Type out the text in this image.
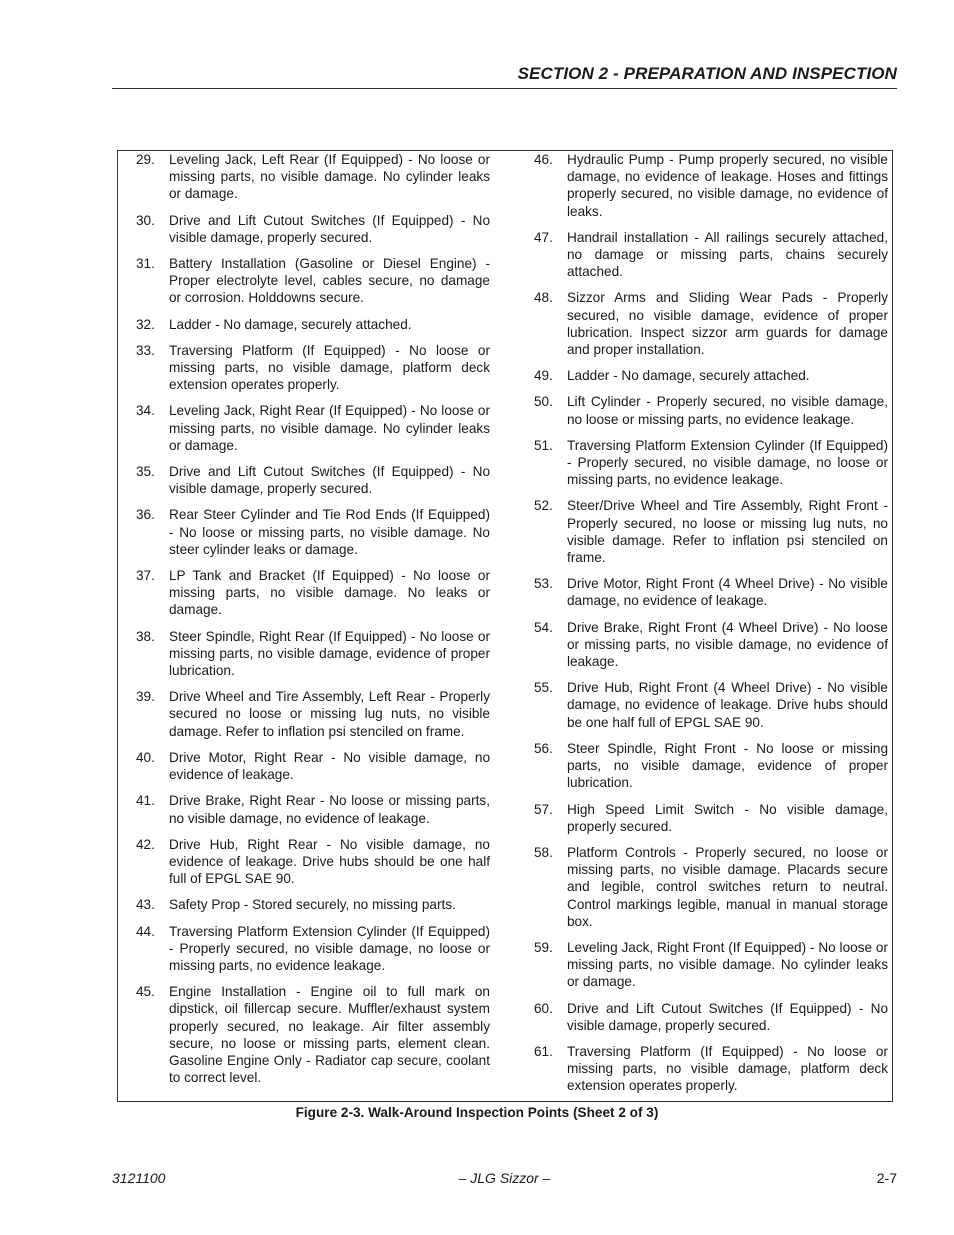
SECTION 2 - PREPARATION AND INSPECTION
29.	Leveling Jack, Left Rear (If Equipped) - No loose or missing parts, no visible damage. No cylinder leaks or damage.
30.	Drive and Lift Cutout Switches (If Equipped) - No visible damage, properly secured.
31.	Battery Installation (Gasoline or Diesel Engine) - Proper electrolyte level, cables secure, no damage or corrosion. Holddowns secure.
32.	Ladder - No damage, securely attached.
33.	Traversing Platform (If Equipped) - No loose or missing parts, no visible damage, platform deck extension operates properly.
34.	Leveling Jack, Right Rear (If Equipped) - No loose or missing parts, no visible damage. No cylinder leaks or damage.
35.	Drive and Lift Cutout Switches (If Equipped) - No visible damage, properly secured.
36.	Rear Steer Cylinder and Tie Rod Ends (If Equipped) - No loose or missing parts, no visible damage. No steer cylinder leaks or damage.
37.	LP Tank and Bracket (If Equipped) - No loose or missing parts, no visible damage. No leaks or damage.
38.	Steer Spindle, Right Rear (If Equipped) - No loose or missing parts, no visible damage, evidence of proper lubrication.
39.	Drive Wheel and Tire Assembly, Left Rear - Properly secured no loose or missing lug nuts, no visible damage. Refer to inflation psi stenciled on frame.
40.	Drive Motor, Right Rear - No visible damage, no evidence of leakage.
41.	Drive Brake, Right Rear - No loose or missing parts, no visible damage, no evidence of leakage.
42.	Drive Hub, Right Rear - No visible damage, no evidence of leakage. Drive hubs should be one half full of EPGL SAE 90.
43.	Safety Prop - Stored securely, no missing parts.
44.	Traversing Platform Extension Cylinder (If Equipped) - Properly secured, no visible damage, no loose or missing parts, no evidence leakage.
45.	Engine Installation - Engine oil to full mark on dipstick, oil fillercap secure. Muffler/exhaust system properly secured, no leakage. Air filter assembly secure, no loose or missing parts, element clean. Gasoline Engine Only - Radiator cap secure, coolant to correct level.
46.	Hydraulic Pump - Pump properly secured, no visible damage, no evidence of leakage. Hoses and fittings properly secured, no visible damage, no evidence of leaks.
47.	Handrail installation - All railings securely attached, no damage or missing parts, chains securely attached.
48.	Sizzor Arms and Sliding Wear Pads - Properly secured, no visible damage, evidence of proper lubrication. Inspect sizzor arm guards for damage and proper installation.
49.	Ladder - No damage, securely attached.
50.	Lift Cylinder - Properly secured, no visible damage, no loose or missing parts, no evidence leakage.
51.	Traversing Platform Extension Cylinder (If Equipped) - Properly secured, no visible damage, no loose or missing parts, no evidence leakage.
52.	Steer/Drive Wheel and Tire Assembly, Right Front - Properly secured, no loose or missing lug nuts, no visible damage. Refer to inflation psi stenciled on frame.
53.	Drive Motor, Right Front (4 Wheel Drive) - No visible damage, no evidence of leakage.
54.	Drive Brake, Right Front (4 Wheel Drive) - No loose or missing parts, no visible damage, no evidence of leakage.
55.	Drive Hub, Right Front (4 Wheel Drive) - No visible damage, no evidence of leakage. Drive hubs should be one half full of EPGL SAE 90.
56.	Steer Spindle, Right Front - No loose or missing parts, no visible damage, evidence of proper lubrication.
57.	High Speed Limit Switch - No visible damage, properly secured.
58.	Platform Controls - Properly secured, no loose or missing parts, no visible damage. Placards secure and legible, control switches return to neutral. Control markings legible, manual in manual storage box.
59.	Leveling Jack, Right Front (If Equipped) - No loose or missing parts, no visible damage. No cylinder leaks or damage.
60.	Drive and Lift Cutout Switches (If Equipped) - No visible damage, properly secured.
61.	Traversing Platform (If Equipped) - No loose or missing parts, no visible damage, platform deck extension operates properly.
Figure 2-3. Walk-Around Inspection Points (Sheet 2 of 3)
3121100	– JLG Sizzor –	2-7
